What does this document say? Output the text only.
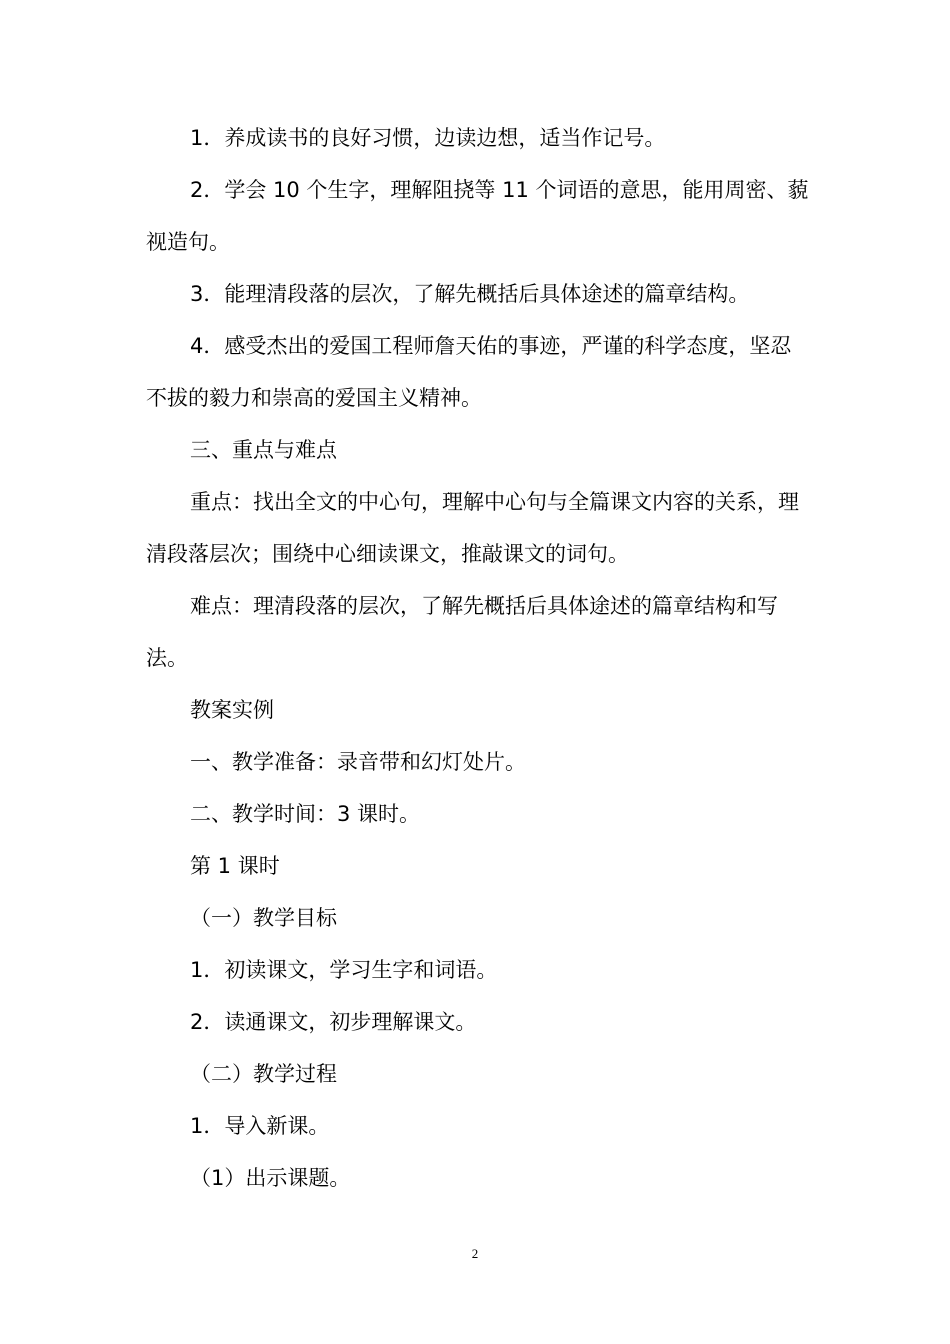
1．养成读书的良好习惯，边读边想，适当作记号。

2．学会 10 个生字，理解阻挠等 11 个词语的意思，能用周密、藐视造句。

3．能理清段落的层次，了解先概括后具体途述的篇章结构。

4．感受杰出的爱国工程师詹天佑的事迹，严谨的科学态度，坚忍不拔的毅力和崇高的爱国主义精神。

三、重点与难点

重点：找出全文的中心句，理解中心句与全篇课文内容的关系，理清段落层次；围绕中心细读课文，推敲课文的词句。

难点：理清段落的层次，了解先概括后具体途述的篇章结构和写法。

教案实例

一、教学准备：录音带和幻灯处片。

二、教学时间：3 课时。

第 1 课时

（一）教学目标

1．初读课文，学习生字和词语。

2．读通课文，初步理解课文。

（二）教学过程

1．导入新课。

（1）出示课题。

2
